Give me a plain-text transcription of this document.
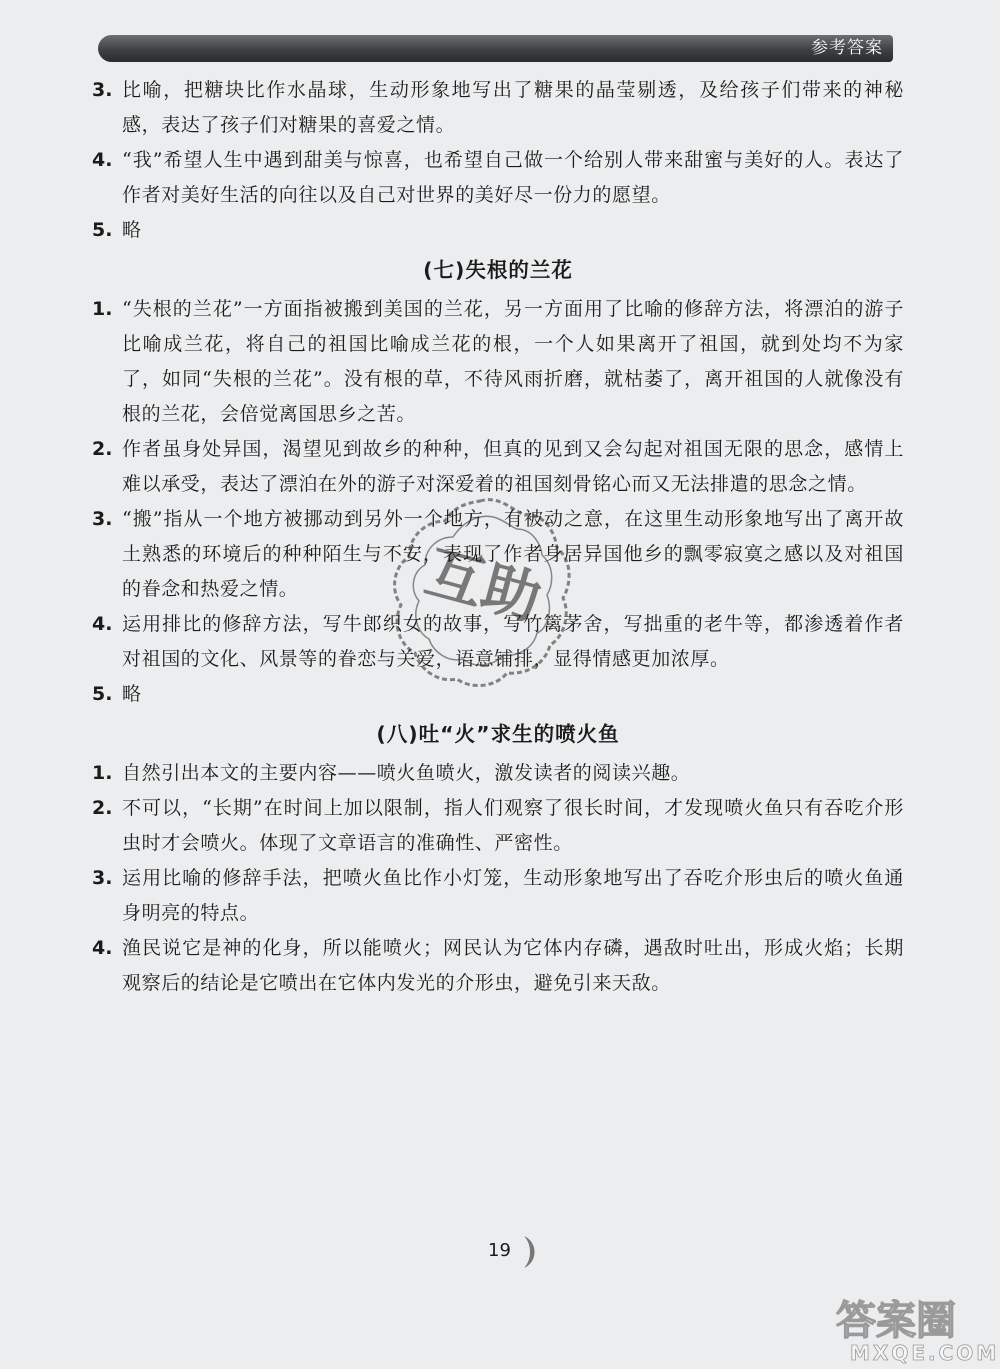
参考答案
3. 比喻，把糖块比作水晶球，生动形象地写出了糖果的晶莹剔透，及给孩子们带来的神秘感，表达了孩子们对糖果的喜爱之情。
4. “我”希望人生中遇到甜美与惊喜，也希望自己做一个给别人带来甜蜜与美好的人。表达了作者对美好生活的向往以及自己对世界的美好尽一份力的愿望。
5. 略
(七)失根的兰花
1. “失根的兰花”一方面指被搬到美国的兰花，另一方面用了比喻的修辞方法，将漂泊的游子比喻成兰花，将自己的祖国比喻成兰花的根，一个人如果离开了祖国，就到处均不为家了，如同“失根的兰花”。没有根的草，不待风雨折磨，就枯萎了，离开祖国的人就像没有根的兰花，会倍觉离国思乡之苦。
2. 作者虽身处异国，渴望见到故乡的种种，但真的见到又会勾起对祖国无限的思念，感情上难以承受，表达了漂泊在外的游子对深爱着的祖国刻骨铭心而又无法排遣的思念之情。
3. “搬”指从一个地方被挪动到另外一个地方，有被动之意，在这里生动形象地写出了离开故土熟悉的环境后的种种陌生与不安，表现了作者身居异国他乡的飘零寂寞之感以及对祖国的眷念和热爱之情。
4. 运用排比的修辞方法，写牛郎织女的故事，写竹篱茅舍，写拙重的老牛等，都渗透着作者对祖国的文化、风景等的眷恋与关爱，语意铺排，显得情感更加浓厚。
5. 略
(八)吐“火”求生的喷火鱼
1. 自然引出本文的主要内容——喷火鱼喷火，激发读者的阅读兴趣。
2. 不可以，“长期”在时间上加以限制，指人们观察了很长时间，才发现喷火鱼只有吞吃介形虫时才会喷火。体现了文章语言的准确性、严密性。
3. 运用比喻的修辞手法，把喷火鱼比作小灯笼，生动形象地写出了吞吃介形虫后的喷火鱼通身明亮的特点。
4. 渔民说它是神的化身，所以能喷火；网民认为它体内存磷，遇敌时吐出，形成火焰；长期观察后的结论是它喷出在它体内发光的介形虫，避免引来天敌。
互助
19
答案圈
MXQE.COM
